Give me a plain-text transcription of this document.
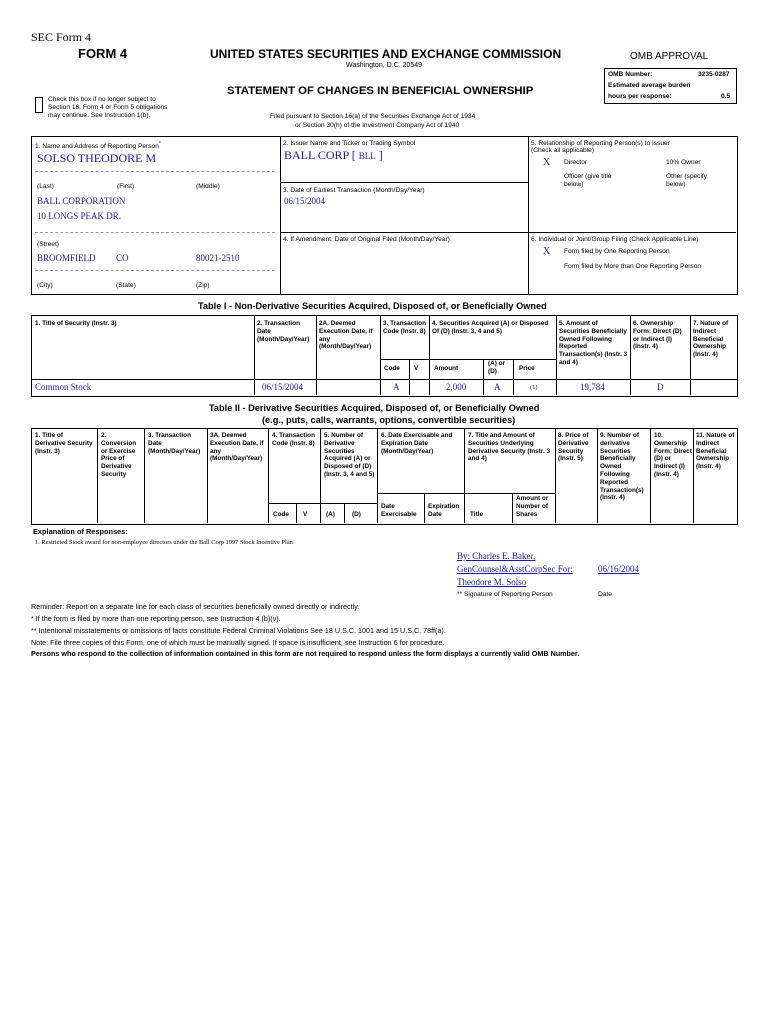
SEC Form 4
FORM 4	UNITED STATES SECURITIES AND EXCHANGE COMMISSION
Washington, D.C. 20549
STATEMENT OF CHANGES IN BENEFICIAL OWNERSHIP
Check this box if no longer subject to Section 16. Form 4 or Form 5 obligations may continue. See Instruction 1(b).	Filed pursuant to Section 16(a) of the Securities Exchange Act of 1934
or Section 30(h) of the Investment Company Act of 1940
OMB APPROVAL
OMB Number:	3235-0287
Estimated average burden
hours per response:	0.5
1. Name and Address of Reporting Person*
SOLSO THEODORE M
(Last)	(First)	(Middle)
BALL CORPORATION
10 LONGS PEAK DR.
(Street)
BROOMFIELD CO	80021-2510
(City)	(State)	(Zip)
2. Issuer Name and Ticker or Trading Symbol
BALL CORP [ BLL ]
3. Date of Earliest Transaction (Month/Day/Year)
06/15/2004
4. If Amendment, Date of Original Filed (Month/Day/Year)
5. Relationship of Reporting Person(s) to Issuer
(Check all applicable)
X Director	10% Owner
Officer (give title below)
Other (specify below)
6. Individual or Joint/Group Filing (Check Applicable Line)
X Form filed by One Reporting Person
Form filed by More than One Reporting Person
Table I - Non-Derivative Securities Acquired, Disposed of, or Beneficially Owned
1. Title of Security (Instr. 3)	2. Transaction Date (Month/Day/Year)
2A. Deemed Execution Date, if any (Month/Day/Year)
3. Transaction Code (Instr. 8)
4. Securities Acquired (A) or Disposed Of (D) (Instr. 3, 4 and 5)
5. Amount of Securities Beneficially Owned Following Reported Transaction(s) (Instr. 3 and 4)
6. Ownership Form: Direct (D) or Indirect (I) (Instr. 4)
7. Nature of Indirect Beneficial Ownership (Instr. 4)
Code V Amount
(A) or (D)	Price
Common Stock	06/15/2004	A	2,000	A	(1)	19,784	D
Table II - Derivative Securities Acquired, Disposed of, or Beneficially Owned
(e.g., puts, calls, warrants, options, convertible securities)
1. Title of Derivative Security (Instr. 3)
2. Conversion or Exercise Price of Derivative Security
3. Transaction Date (Month/Day/Year)
3A. Deemed Execution Date, if any (Month/Day/Year)
4. Transaction Code (Instr. 8)
5. Number of Derivative Securities Acquired (A) or Disposed of (D) (Instr. 3, 4 and 5)
6. Date Exercisable and Expiration Date (Month/Day/Year)
7. Title and Amount of Securities Underlying Derivative Security (Instr. 3 and 4)
8. Price of Derivative Security (Instr. 5)
9. Number of derivative Securities Beneficially Owned Following Reported Transaction(s) (Instr. 4)
10. Ownership Form: Direct (D) or Indirect (I) (Instr. 4)
11. Nature of Indirect Beneficial Ownership (Instr. 4)
Code V	(A)	(D)
Date Exercisable
Expiration Date	Title
Amount or Number of Shares
Explanation of Responses:
1. Restricted Stock award for non-employee directors under the Ball Corp 1997 Stock Incentive Plan
By: Charles E. Baker,
GenCounsel&AsstCorpSec For:
Theodore M. Solso
06/16/2004
** Signature of Reporting Person	Date
Reminder: Report on a separate line for each class of securities beneficially owned directly or indirectly.
* If the form is filed by more than one reporting person, see Instruction 4 (b)(v).
** Intentional misstatements or omissions of facts constitute Federal Criminal Violations See 18 U.S.C. 1001 and 15 U.S.C. 78ff(a).
Note: File three copies of this Form, one of which must be manually signed. If space is insufficient, see Instruction 6 for procedure.
Persons who respond to the collection of information contained in this form are not required to respond unless the form displays a currently valid OMB Number.
